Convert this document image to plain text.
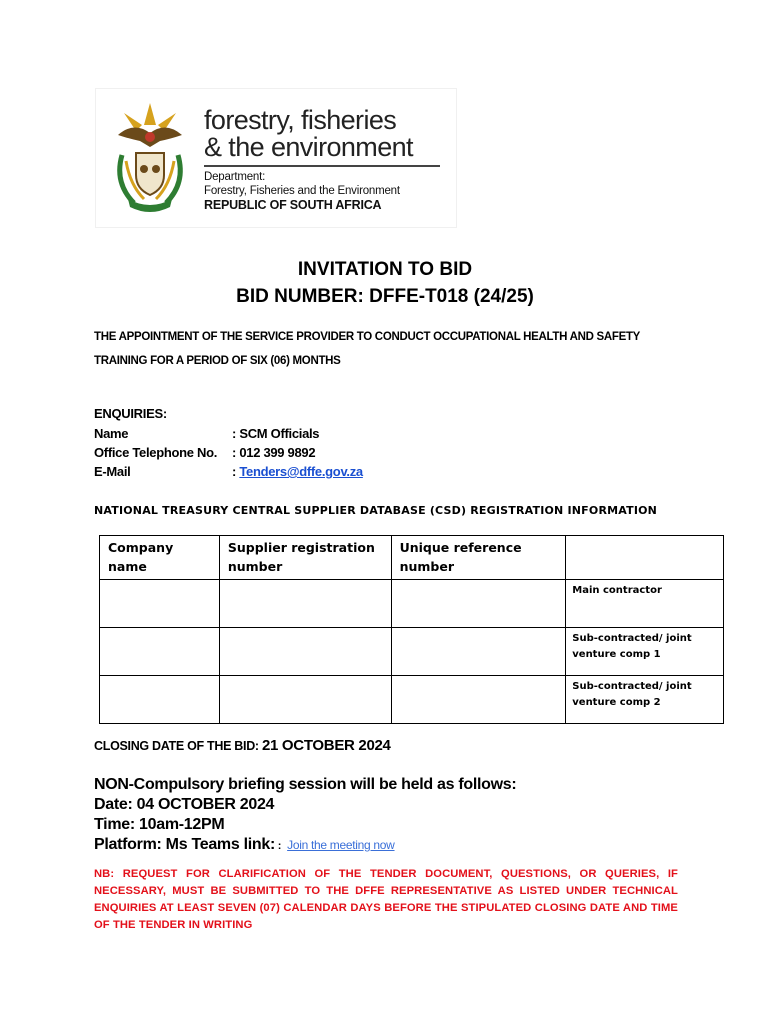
forestry, fisheries
& the environment
Department:
Forestry, Fisheries and the Environment
REPUBLIC OF SOUTH AFRICA
INVITATION TO BID
BID NUMBER: DFFE-T018 (24/25)
THE APPOINTMENT OF THE SERVICE PROVIDER TO CONDUCT OCCUPATIONAL HEALTH AND SAFETY TRAINING FOR A PERIOD OF SIX (06) MONTHS
ENQUIRIES:
Name	: SCM Officials
Office Telephone No. : 012 399 9892
E-Mail	: Tenders@dffe.gov.za
NATIONAL TREASURY CENTRAL SUPPLIER DATABASE (CSD) REGISTRATION INFORMATION
Company name	Supplier registration number	Unique reference number	
			Main contractor
			Sub-contracted/ joint venture comp 1
			Sub-contracted/ joint venture comp 2
CLOSING DATE OF THE BID: 21 OCTOBER 2024
NON-Compulsory briefing session will be held as follows:
Date: 04 OCTOBER 2024
Time: 10am-12PM
Platform: Ms Teams link: : Join the meeting now
NB: REQUEST FOR CLARIFICATION OF THE TENDER DOCUMENT, QUESTIONS, OR QUERIES, IF NECESSARY, MUST BE SUBMITTED TO THE DFFE REPRESENTATIVE AS LISTED UNDER TECHNICAL ENQUIRIES AT LEAST SEVEN (07) CALENDAR DAYS BEFORE THE STIPULATED CLOSING DATE AND TIME OF THE TENDER IN WRITING
